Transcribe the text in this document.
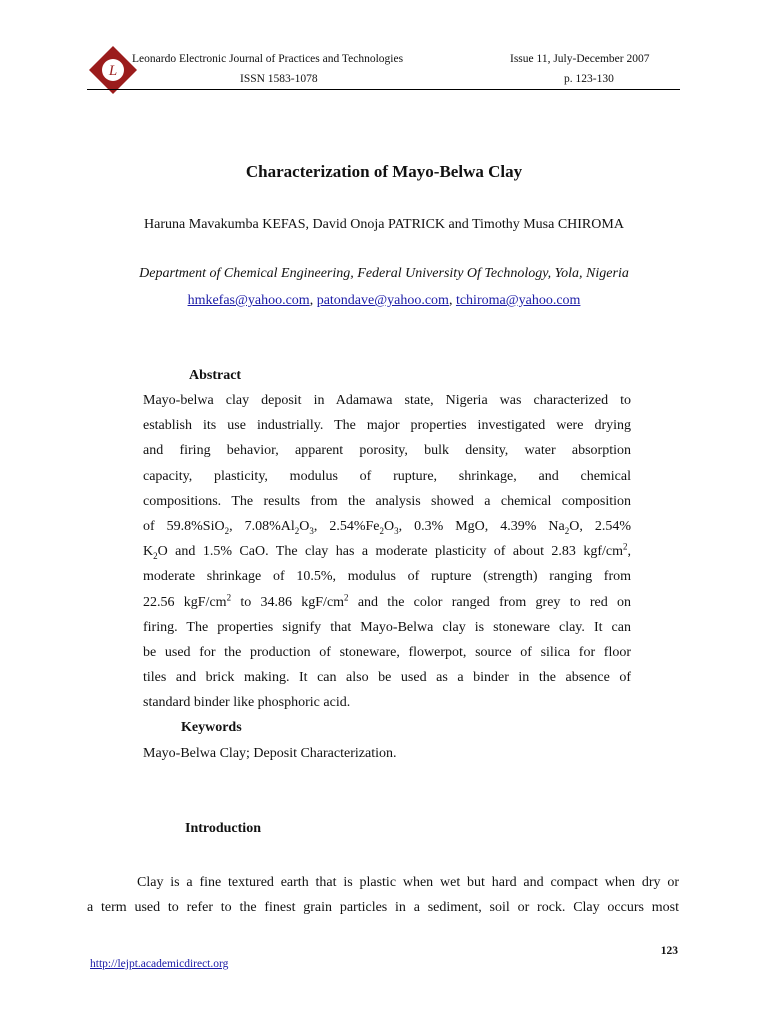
L
Leonardo Electronic Journal of Practices and Technologies
ISSN 1583-1078
Issue 11, July-December 2007
p. 123-130
Characterization of Mayo-Belwa Clay
Haruna Mavakumba KEFAS, David Onoja PATRICK and Timothy Musa CHIROMA
Department of Chemical Engineering, Federal University Of Technology, Yola, Nigeria
hmkefas@yahoo.com, patondave@yahoo.com, tchiroma@yahoo.com
Abstract
Mayo-belwa clay deposit in Adamawa state, Nigeria was characterized to
establish its use industrially. The major properties investigated were drying
and firing behavior, apparent porosity, bulk density, water absorption
capacity, plasticity, modulus of rupture, shrinkage, and chemical
compositions. The results from the analysis showed a chemical composition
of 59.8%SiO$_2$, $7.08\%Al_2O_3$, $2.54\%Fe_2O_3$, 0.3% MgO, 4.39% $Na_2O$, 2.54%
$K_2O$ and 1.5% CaO. The clay has a moderate plasticity of about 2.83 kgf/$cm^2$,
moderate shrinkage of 10.5%, modulus of rupture (strength) ranging from
22.56 kgF/$cm^2$ to 34.86 kgF/$cm^2$ and the color ranged from grey to red on
firing. The properties signify that Mayo-Belwa clay is stoneware clay. It can
be used for the production of stoneware, flowerpot, source of silica for floor
tiles and brick making. It can also be used as a binder in the absence of
standard binder like phosphoric acid.
Keywords
Mayo-Belwa Clay; Deposit Characterization.
Introduction
Clay is a fine textured earth that is plastic when wet but hard and compact when dry or
a term used to refer to the finest grain particles in a sediment, soil or rock. Clay occurs most
123
http://lejpt.academicdirect.org
